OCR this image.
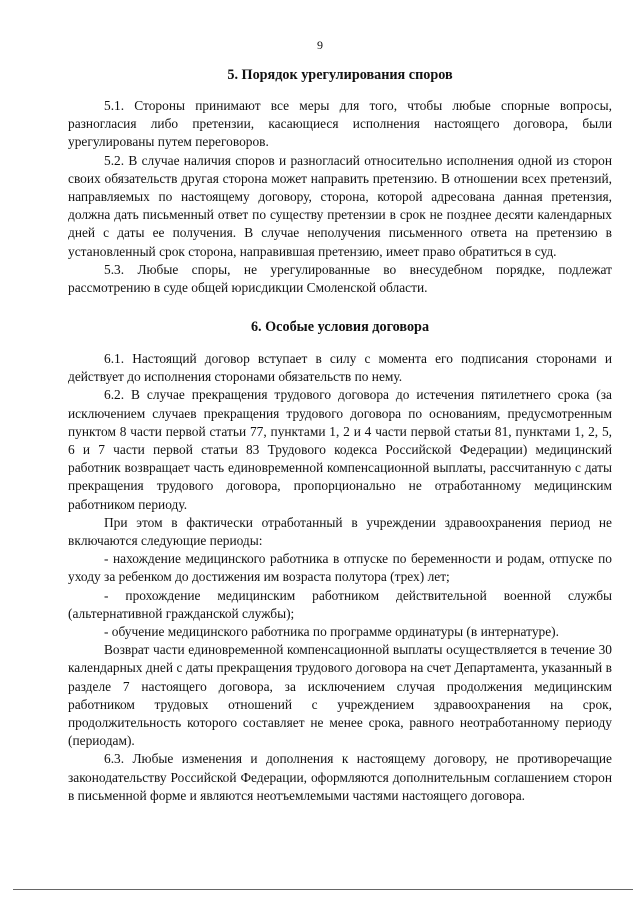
9
5. Порядок урегулирования споров

5.1. Стороны принимают все меры для того, чтобы любые спорные вопросы, разногласия либо претензии, касающиеся исполнения настоящего договора, были урегулированы путем переговоров.

5.2. В случае наличия споров и разногласий относительно исполнения одной из сторон своих обязательств другая сторона может направить претензию. В отношении всех претензий, направляемых по настоящему договору, сторона, которой адресована данная претензия, должна дать письменный ответ по существу претензии в срок не позднее десяти календарных дней с даты ее получения. В случае неполучения письменного ответа на претензию в установленный срок сторона, направившая претензию, имеет право обратиться в суд.

5.3. Любые споры, не урегулированные во внесудебном порядке, подлежат рассмотрению в суде общей юрисдикции Смоленской области.

6. Особые условия договора

6.1. Настоящий договор вступает в силу с момента его подписания сторонами и действует до исполнения сторонами обязательств по нему.

6.2. В случае прекращения трудового договора до истечения пятилетнего срока (за исключением случаев прекращения трудового договора по основаниям, предусмотренным пунктом 8 части первой статьи 77, пунктами 1, 2 и 4 части первой статьи 81, пунктами 1, 2, 5, 6 и 7 части первой статьи 83 Трудового кодекса Российской Федерации) медицинский работник возвращает часть единовременной компенсационной выплаты, рассчитанную с даты прекращения трудового договора, пропорционально не отработанному медицинским работником периоду.

При этом в фактически отработанный в учреждении здравоохранения период не включаются следующие периоды:

- нахождение медицинского работника в отпуске по беременности и родам, отпуске по уходу за ребенком до достижения им возраста полутора (трех) лет;

- прохождение медицинским работником действительной военной службы (альтернативной гражданской службы);

- обучение медицинского работника по программе ординатуры (в интернатуре).

Возврат части единовременной компенсационной выплаты осуществляется в течение 30 календарных дней с даты прекращения трудового договора на счет Департамента, указанный в разделе 7 настоящего договора, за исключением случая продолжения медицинским работником трудовых отношений с учреждением здравоохранения на срок, продолжительность которого составляет не менее срока, равного неотработанному периоду (периодам).

6.3. Любые изменения и дополнения к настоящему договору, не противоречащие законодательству Российской Федерации, оформляются дополнительным соглашением сторон в письменной форме и являются неотъемлемыми частями настоящего договора.
